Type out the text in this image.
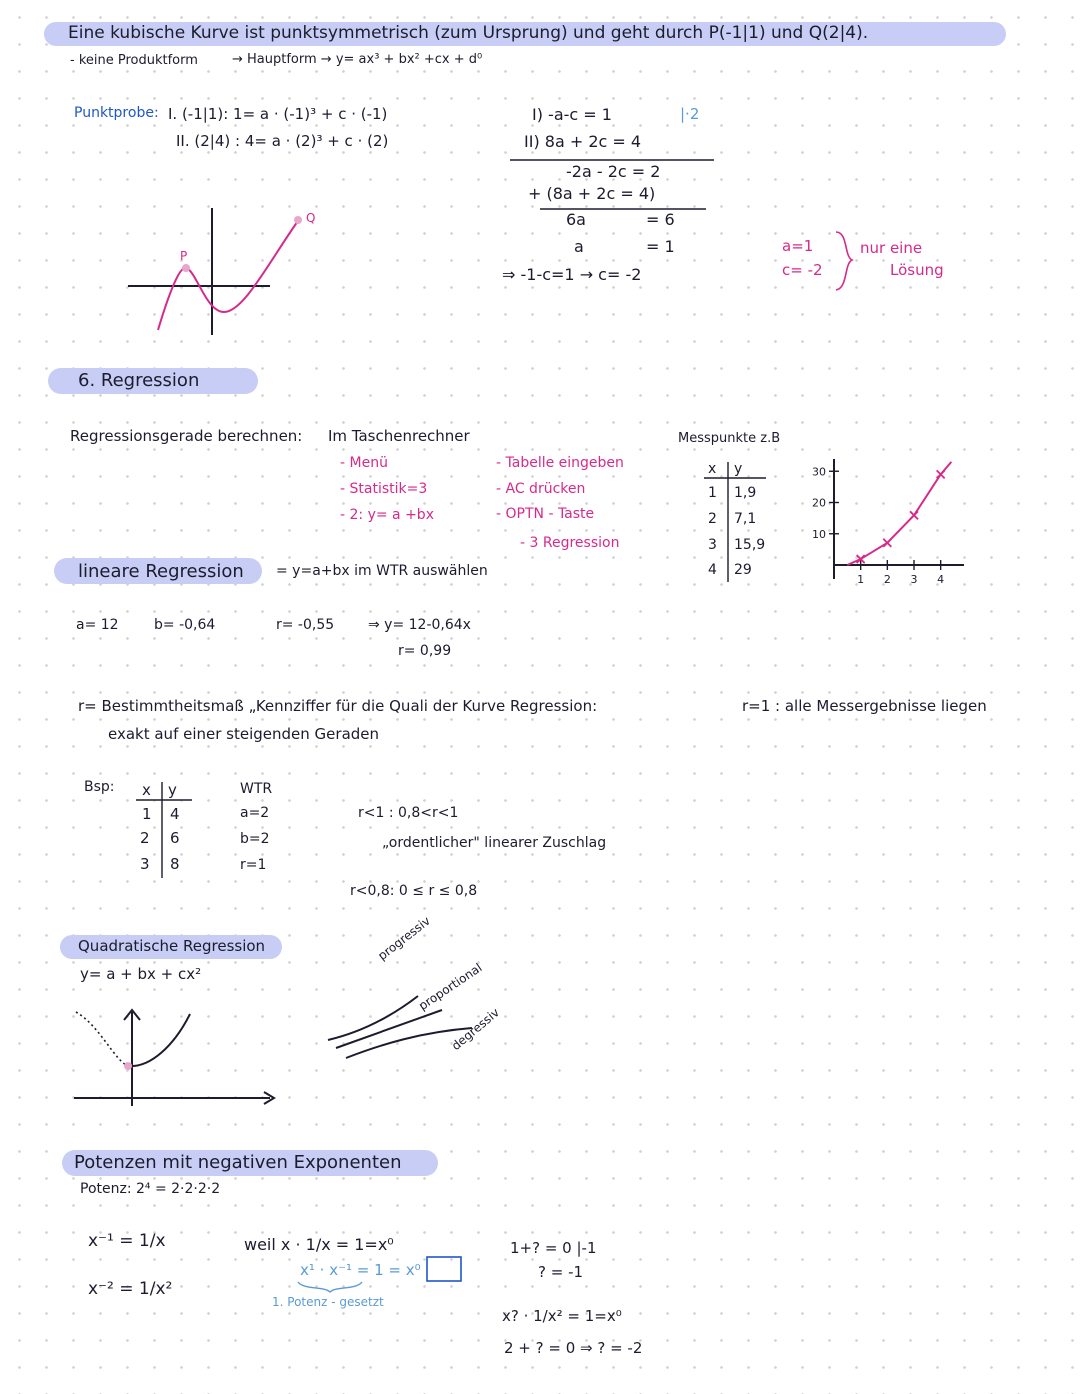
Eine kubische Kurve ist punktsymmetrisch (zum Ursprung) und geht durch P(-1|1) und Q(2|4).
- keine Produktform	→ Hauptform → y= ax³ + bx² +cx + d⁰
Punktprobe: I. (-1|1): 1= a · (-1)³ + c · (-1)
II. (2|4) : 4= a · (2)³ + c · (2)
P
Q
I) -a-c = 1	|·2
II) 8a + 2c = 4
-2a - 2c = 2
+ (8a + 2c = 4)
6a	= 6
a	= 1
⇒ -1-c=1 → c= -2
a=1
c= -2
nur eine
Lösung
6. Regression
Regressionsgerade berechnen: Im Taschenrechner
- Menü
- Statistik=3
- 2: y= a +bx
- Tabelle eingeben
- AC drücken
- OPTN - Taste
- 3 Regression
Messpunkte z.B
x y
1 1,9
2 7,1
3 15,9
4 29
30
20
10
1 2 3 4
lineare Regression = y=a+bx im WTR auswählen
a= 12	b= -0,64	r= -0,55 ⇒ y= 12-0,64x
r= 0,99
r= Bestimmtheitsmaß „Kennziffer für die Quali der Kurve Regression:
exakt auf einer steigenden Geraden
r=1 : alle Messergebnisse liegen
Bsp: x y
1 4
2 6
3 8
WTR
a=2
b=2
r=1
r<1 : 0,8<r<1
„ordentlicher" linearer Zuschlag
r<0,8: 0 ≤ r ≤ 0,8
Quadratische Regression
y= a + bx + cx²
progressiv
proportional
degressiv
Potenzen mit negativen Exponenten
Potenz: 2⁴ = 2·2·2·2
x⁻¹ = 1/x
x⁻² = 1/x²
weil x · 1/x = 1=x⁰
x¹ · x⁻¹ = 1 = x⁰
1. Potenz - gesetzt
1+? = 0 |-1
? = -1
x? · 1/x² = 1=x⁰
2 + ? = 0 ⇒ ? = -2
